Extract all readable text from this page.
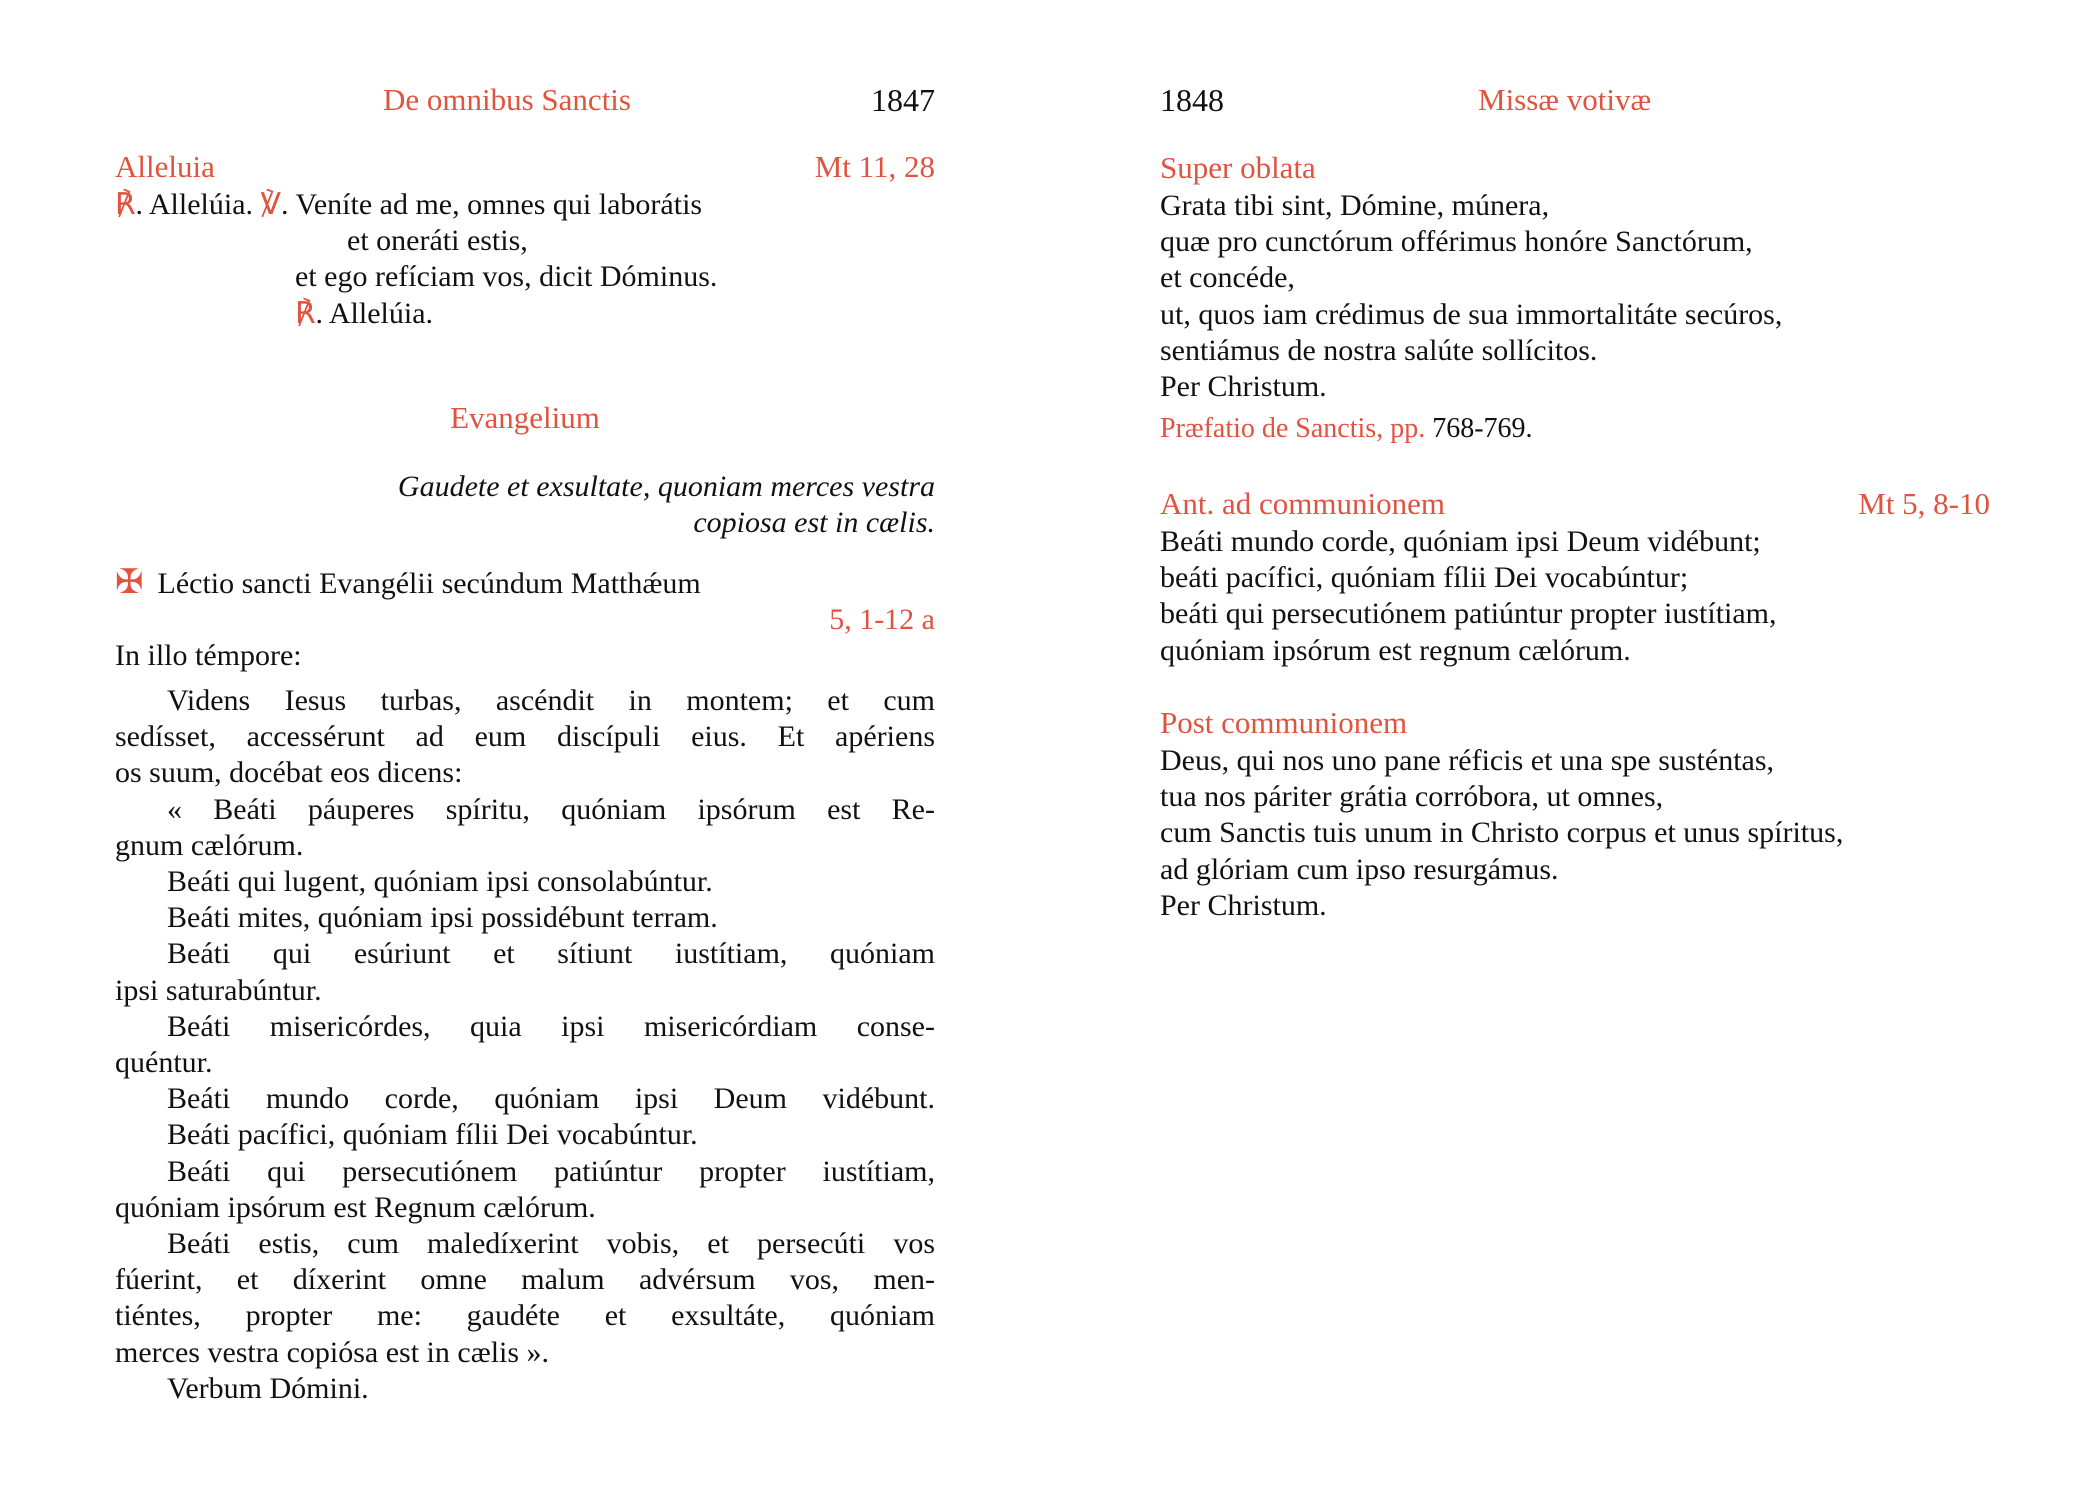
De omnibus Sanctis	1847
Alleluia	Mt 11, 28
℟. Allelúia. ℣. Veníte ad me, omnes qui laborátis
et oneráti estis,
et ego refíciam vos, dicit Dóminus.
℟. Allelúia.
Evangelium
Gaudete et exsultate, quoniam merces vestra
copiosa est in cælis.
✠ Léctio sancti Evangélii secúndum Matthǽum
5, 1-12 a
In illo témpore:
Videns Iesus turbas, ascéndit in montem; et cum
sedísset, accessérunt ad eum discípuli eius. Et apériens
os suum, docébat eos dicens:
« Beáti páuperes spíritu, quóniam ipsórum est Re-
gnum cælórum.
Beáti qui lugent, quóniam ipsi consolabúntur.
Beáti mites, quóniam ipsi possidébunt terram.
Beáti qui esúriunt et sítiunt iustítiam, quóniam
ipsi saturabúntur.
Beáti misericórdes, quia ipsi misericórdiam conse-
quéntur.
Beáti mundo corde, quóniam ipsi Deum vidébunt.
Beáti pacífici, quóniam fílii Dei vocabúntur.
Beáti qui persecutiónem patiúntur propter iustítiam,
quóniam ipsórum est Regnum cælórum.
Beáti estis, cum maledíxerint vobis, et persecúti vos
fúerint, et díxerint omne malum advérsum vos, men-
tiéntes, propter me: gaudéte et exsultáte, quóniam
merces vestra copiósa est in cælis ».
Verbum Dómini.
1848	Missæ votivæ
Super oblata
Grata tibi sint, Dómine, múnera,
quæ pro cunctórum offérimus honóre Sanctórum,
et concéde,
ut, quos iam crédimus de sua immortalitáte secúros,
sentiámus de nostra salúte sollícitos.
Per Christum.
Præfatio de Sanctis, pp. 768-769.
Ant. ad communionem	Mt 5, 8-10
Beáti mundo corde, quóniam ipsi Deum vidébunt;
beáti pacífici, quóniam fílii Dei vocabúntur;
beáti qui persecutiónem patiúntur propter iustítiam,
quóniam ipsórum est regnum cælórum.
Post communionem
Deus, qui nos uno pane réficis et una spe susténtas,
tua nos páriter grátia corróbora, ut omnes,
cum Sanctis tuis unum in Christo corpus et unus spíritus,
ad glóriam cum ipso resurgámus.
Per Christum.
